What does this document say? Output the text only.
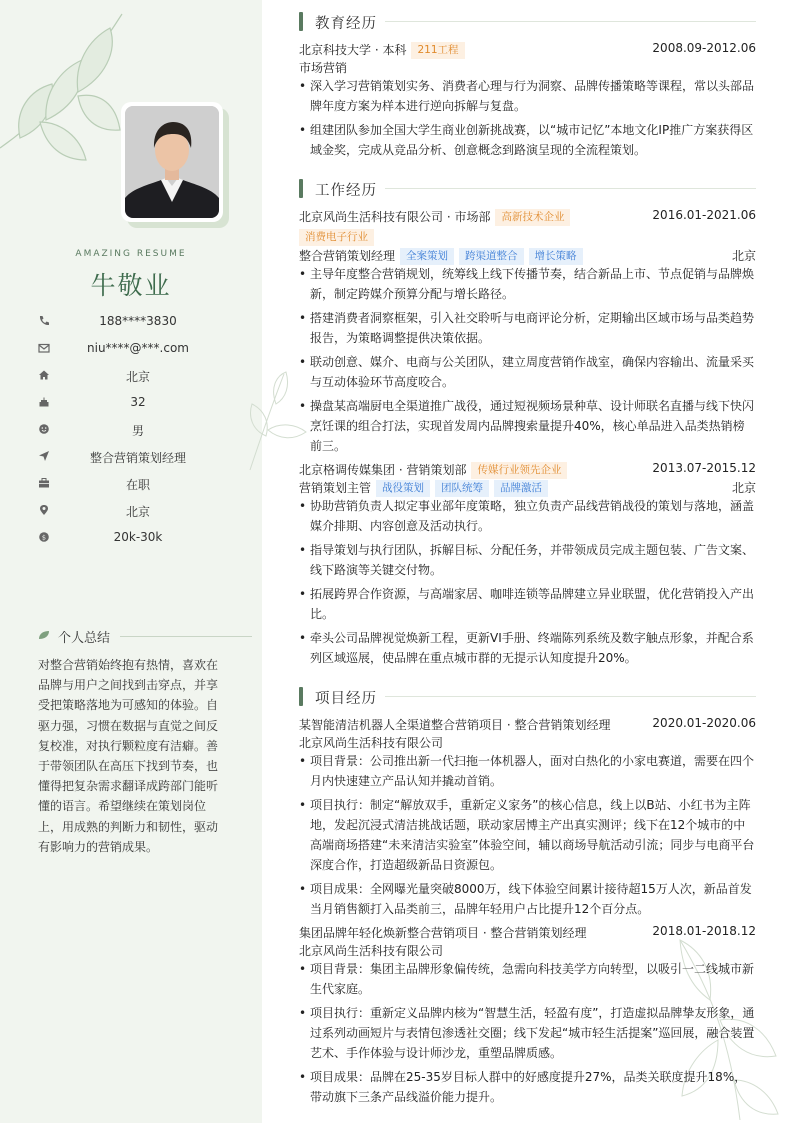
AMAZING RESUME
牛敬业
188****3830
niu****@***.com
北京
32
男
整合营销策划经理
在职
北京
$	20k-30k
个人总结
对整合营销始终抱有热情，喜欢在品牌与用户之间找到击穿点，并享受把策略落地为可感知的体验。自驱力强，习惯在数据与直觉之间反复校准，对执行颗粒度有洁癖。善于带领团队在高压下找到节奏，也懂得把复杂需求翻译成跨部门能听懂的语言。希望继续在策划岗位上，用成熟的判断力和韧性，驱动有影响力的营销成果。
教育经历
北京科技大学 · 本科 211工程	2008.09-2012.06
市场营销
• 深入学习营销策划实务、消费者心理与行为洞察、品牌传播策略等课程，常以头部品牌年度方案为样本进行逆向拆解与复盘。
• 组建团队参加全国大学生商业创新挑战赛，以“城市记忆”本地文化IP推广方案获得区域金奖，完成从竞品分析、创意概念到路演呈现的全流程策划。
工作经历
北京风尚生活科技有限公司 · 市场部 高新技术企业	2016.01-2021.06
消费电子行业
整合营销策划经理 全案策划 跨渠道整合 增长策略	北京
• 主导年度整合营销规划，统筹线上线下传播节奏，结合新品上市、节点促销与品牌焕新，制定跨媒介预算分配与增长路径。
• 搭建消费者洞察框架，引入社交聆听与电商评论分析，定期输出区域市场与品类趋势报告，为策略调整提供决策依据。
• 联动创意、媒介、电商与公关团队，建立周度营销作战室，确保内容输出、流量采买与互动体验环节高度咬合。
• 操盘某高端厨电全渠道推广战役，通过短视频场景种草、设计师联名直播与线下快闪烹饪课的组合打法，实现首发周内品牌搜索量提升40%，核心单品进入品类热销榜前三。
北京格调传媒集团 · 营销策划部 传媒行业领先企业	2013.07-2015.12
营销策划主管 战役策划 团队统筹 品牌激活	北京
• 协助营销负责人拟定事业部年度策略，独立负责产品线营销战役的策划与落地，涵盖媒介排期、内容创意及活动执行。
• 指导策划与执行团队，拆解目标、分配任务，并带领成员完成主题包装、广告文案、线下路演等关键交付物。
• 拓展跨界合作资源，与高端家居、咖啡连锁等品牌建立异业联盟，优化营销投入产出比。
• 牵头公司品牌视觉焕新工程，更新VI手册、终端陈列系统及数字触点形象，并配合系列区域巡展，使品牌在重点城市群的无提示认知度提升20%。
项目经历
某智能清洁机器人全渠道整合营销项目 · 整合营销策划经理	2020.01-2020.06
北京风尚生活科技有限公司
• 项目背景：公司推出新一代扫拖一体机器人，面对白热化的小家电赛道，需要在四个月内快速建立产品认知并撬动首销。
• 项目执行：制定“解放双手，重新定义家务”的核心信息，线上以B站、小红书为主阵地，发起沉浸式清洁挑战话题，联动家居博主产出真实测评；线下在12个城市的中高端商场搭建“未来清洁实验室”体验空间，辅以商场导航活动引流；同步与电商平台深度合作，打造超级新品日资源包。
• 项目成果：全网曝光量突破8000万，线下体验空间累计接待超15万人次，新品首发当月销售额打入品类前三，品牌年轻用户占比提升12个百分点。
集团品牌年轻化焕新整合营销项目 · 整合营销策划经理	2018.01-2018.12
北京风尚生活科技有限公司
• 项目背景：集团主品牌形象偏传统，急需向科技美学方向转型，以吸引一二线城市新生代家庭。
• 项目执行：重新定义品牌内核为“智慧生活，轻盈有度”，打造虚拟品牌挚友形象，通过系列动画短片与表情包渗透社交圈；线下发起“城市轻生活提案”巡回展，融合装置艺术、手作体验与设计师沙龙，重塑品牌质感。
• 项目成果：品牌在25-35岁目标人群中的好感度提升27%，品类关联度提升18%，带动旗下三条产品线溢价能力提升。
